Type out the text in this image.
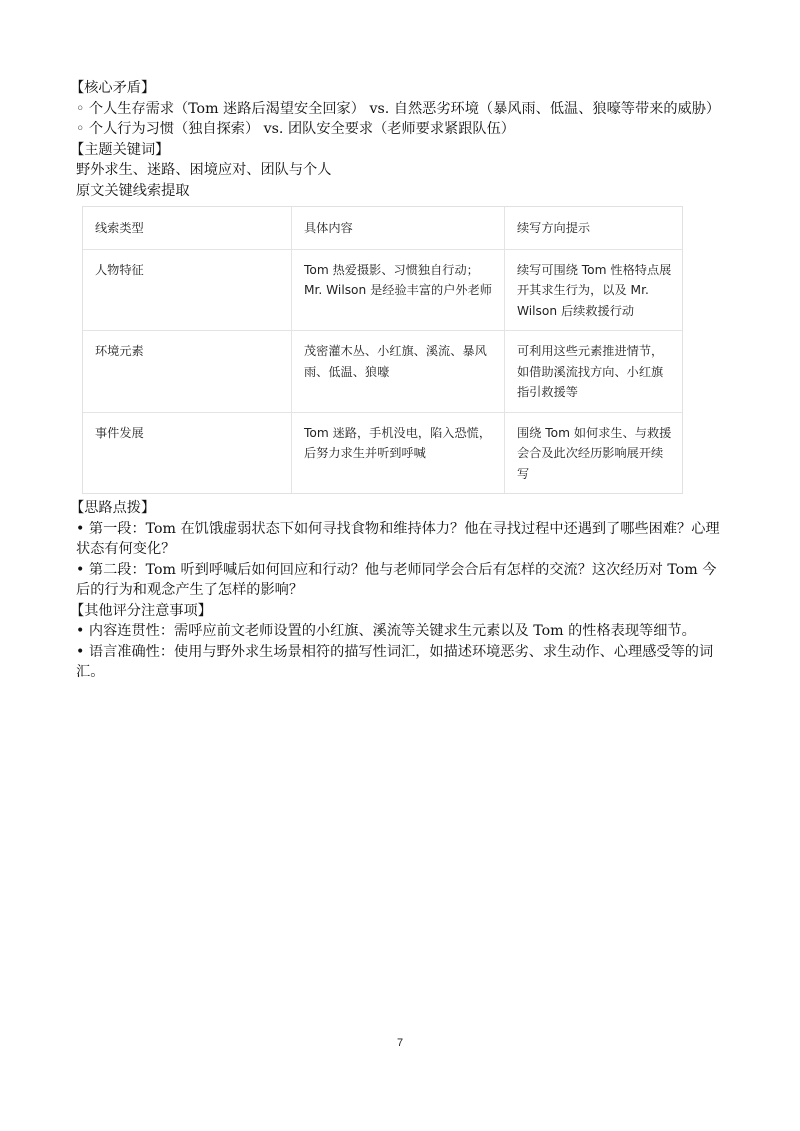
【核心矛盾】

◦ 个人生存需求（Tom 迷路后渴望安全回家） vs. 自然恶劣环境（暴风雨、低温、狼嚎等带来的威胁）

◦ 个人行为习惯（独自探索） vs. 团队安全要求（老师要求紧跟队伍）

【主题关键词】

野外求生、迷路、困境应对、团队与个人

原文关键线索提取

线索类型	具体内容	续写方向提示
人物特征	Tom 热爱摄影、习惯独自行动；Mr. Wilson 是经验丰富的户外老师	续写可围绕 Tom 性格特点展开其求生行为，以及 Mr. Wilson 后续救援行动
环境元素	茂密灌木丛、小红旗、溪流、暴风雨、低温、狼嚎	可利用这些元素推进情节，如借助溪流找方向、小红旗指引救援等
事件发展	Tom 迷路，手机没电，陷入恐慌，后努力求生并听到呼喊	围绕 Tom 如何求生、与救援会合及此次经历影响展开续写

【思路点拨】

• 第一段：Tom 在饥饿虚弱状态下如何寻找食物和维持体力？他在寻找过程中还遇到了哪些困难？心理状态有何变化？

• 第二段：Tom 听到呼喊后如何回应和行动？他与老师同学会合后有怎样的交流？这次经历对 Tom 今后的行为和观念产生了怎样的影响？

【其他评分注意事项】

• 内容连贯性：需呼应前文老师设置的小红旗、溪流等关键求生元素以及 Tom 的性格表现等细节。

• 语言准确性：使用与野外求生场景相符的描写性词汇，如描述环境恶劣、求生动作、心理感受等的词汇。

7
